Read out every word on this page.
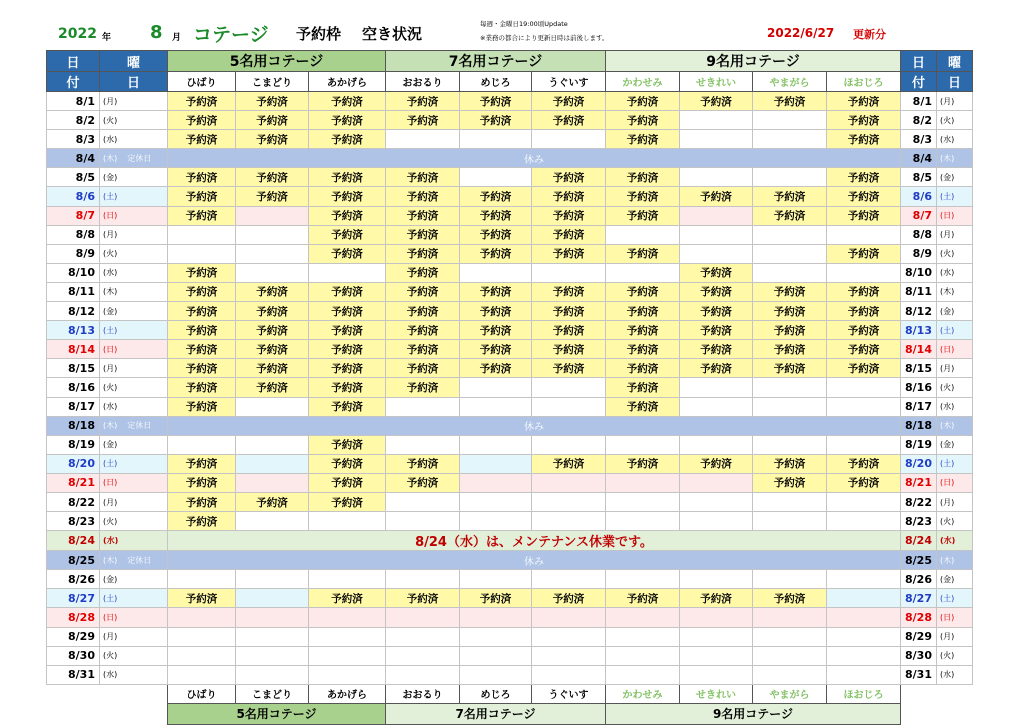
2022 年 8 月 コテージ 予約枠 空き状況
毎週・金曜日19:00頃Update
※業務の都合により更新日時は前後します。	2022/6/27 更新分
日	曜	5名用コテージ			7名用コテージ			9名用コテージ				日	曜
付	日	ひばり	こまどり	あかげら	おおるり	めじろ	うぐいす	かわせみ	せきれい	やまがら	ほおじろ	付	日
8/1	(月)	予約済	予約済	予約済	予約済	予約済	予約済	予約済	予約済	予約済	予約済	8/1	(月)
8/2	(火)	予約済	予約済	予約済	予約済	予約済	予約済	予約済			予約済	8/2	(火)
8/3	(水)	予約済	予約済	予約済				予約済			予約済	8/3	(水)
8/4	(木) 定休日	休み										8/4	(木)
8/5	(金)	予約済	予約済	予約済	予約済		予約済	予約済			予約済	8/5	(金)
8/6	(土)	予約済	予約済	予約済	予約済	予約済	予約済	予約済	予約済	予約済	予約済	8/6	(土)
8/7	(日)	予約済		予約済	予約済	予約済	予約済	予約済		予約済	予約済	8/7	(日)
8/8	(月)			予約済	予約済	予約済	予約済					8/8	(月)
8/9	(火)			予約済	予約済	予約済	予約済	予約済			予約済	8/9	(火)
8/10	(水)	予約済			予約済				予約済			8/10	(水)
8/11	(木)	予約済	予約済	予約済	予約済	予約済	予約済	予約済	予約済	予約済	予約済	8/11	(木)
8/12	(金)	予約済	予約済	予約済	予約済	予約済	予約済	予約済	予約済	予約済	予約済	8/12	(金)
8/13	(土)	予約済	予約済	予約済	予約済	予約済	予約済	予約済	予約済	予約済	予約済	8/13	(土)
8/14	(日)	予約済	予約済	予約済	予約済	予約済	予約済	予約済	予約済	予約済	予約済	8/14	(日)
8/15	(月)	予約済	予約済	予約済	予約済	予約済	予約済	予約済	予約済	予約済	予約済	8/15	(月)
8/16	(火)	予約済	予約済	予約済	予約済			予約済				8/16	(火)
8/17	(水)	予約済		予約済				予約済				8/17	(水)
8/18	(木) 定休日	休み										8/18	(木)
8/19	(金)			予約済								8/19	(金)
8/20	(土)	予約済		予約済	予約済		予約済	予約済	予約済	予約済	予約済	8/20	(土)
8/21	(日)	予約済		予約済	予約済					予約済	予約済	8/21	(日)
8/22	(月)	予約済	予約済	予約済								8/22	(月)
8/23	(火)	予約済										8/23	(火)
8/24	(水)	8/24（水）は、メンテナンス休業です。										8/24	(水)
8/25	(木) 定休日	休み										8/25	(木)
8/26	(金)											8/26	(金)
8/27	(土)	予約済		予約済	予約済	予約済	予約済	予約済	予約済	予約済		8/27	(土)
8/28	(日)											8/28	(日)
8/29	(月)											8/29	(月)
8/30	(火)											8/30	(火)
8/31	(水)											8/31	(水)
		ひばり	こまどり	あかげら	おおるり	めじろ	うぐいす	かわせみ	せきれい	やまがら	ほおじろ		
		5名用コテージ			7名用コテージ			9名用コテージ					
